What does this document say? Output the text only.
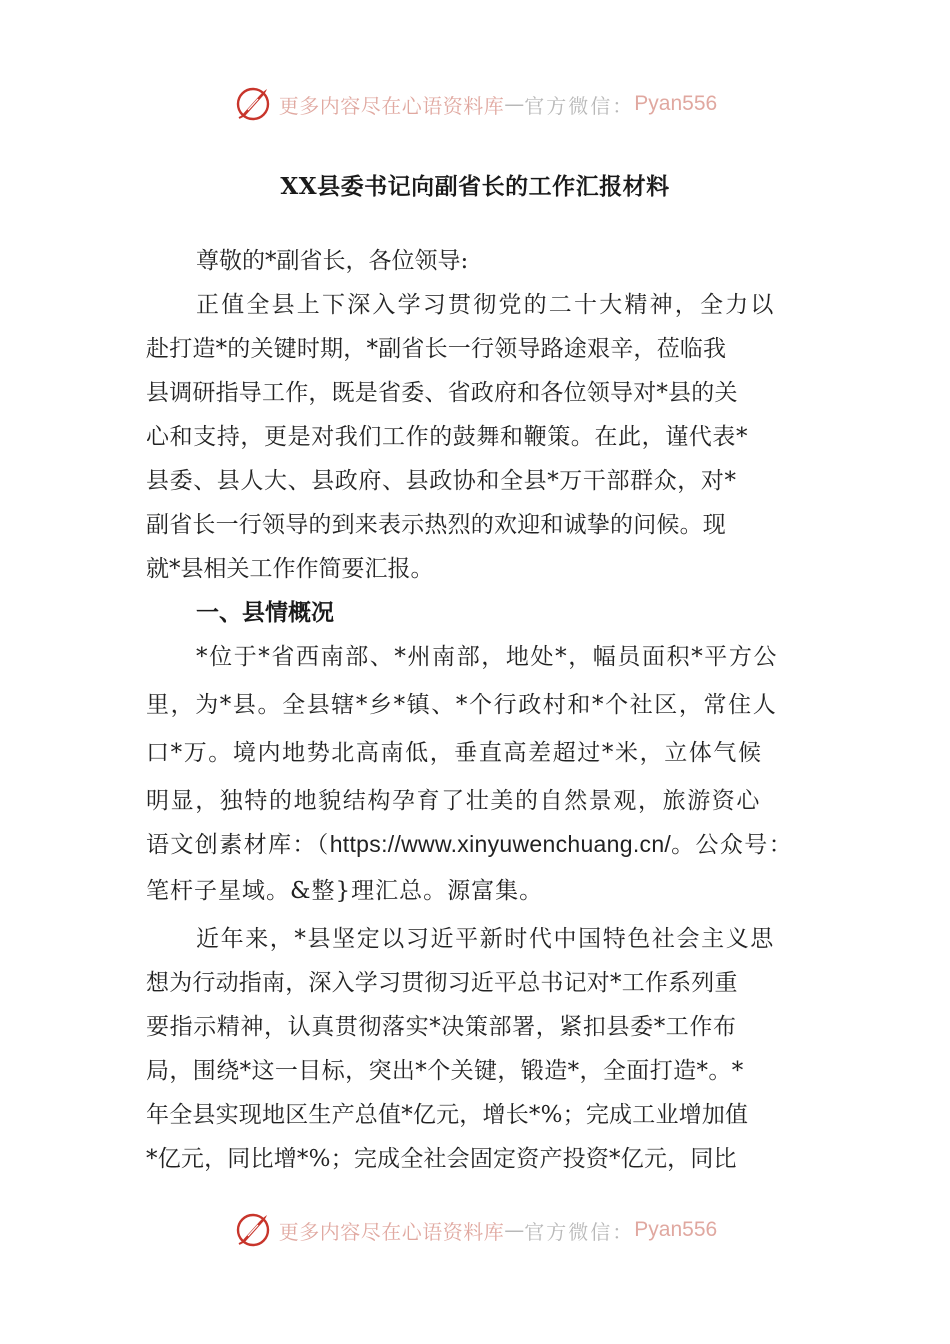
更多内容尽在心语资料库 — 官方微信： Pyan556
XX县委书记向副省长的工作汇报材料
尊敬的*副省长，各位领导:
正值全县上下深入学习贯彻党的二十大精神，全力以
赴打造*的关键时期，*副省长一行领导路途艰辛，莅临我
县调研指导工作，既是省委、省政府和各位领导对*县的关
心和支持，更是对我们工作的鼓舞和鞭策。在此，谨代表*
县委、县人大、县政府、县政协和全县*万干部群众，对*
副省长一行领导的到来表示热烈的欢迎和诚挚的问候。现
就*县相关工作作简要汇报。
一、县情概况
*位于*省西南部、*州南部，地处*，幅员面积*平方公
里，为*县。全县辖*乡*镇、*个行政村和*个社区，常住人
口*万。境内地势北高南低，垂直高差超过*米，立体气候
明显，独特的地貌结构孕育了壮美的自然景观，旅游资心
语文创素材库：（https://www.xinyuwenchuang.cn/。公众号：
笔杆子星域。&整}理汇总。源富集。
近年来，*县坚定以习近平新时代中国特色社会主义思
想为行动指南，深入学习贯彻习近平总书记对*工作系列重
要指示精神，认真贯彻落实*决策部署，紧扣县委*工作布
局，围绕*这一目标，突出*个关键，锻造*，全面打造*。*
年全县实现地区生产总值*亿元，增长*%；完成工业增加值
*亿元，同比增*%；完成全社会固定资产投资*亿元，同比
更多内容尽在心语资料库 — 官方微信： Pyan556
